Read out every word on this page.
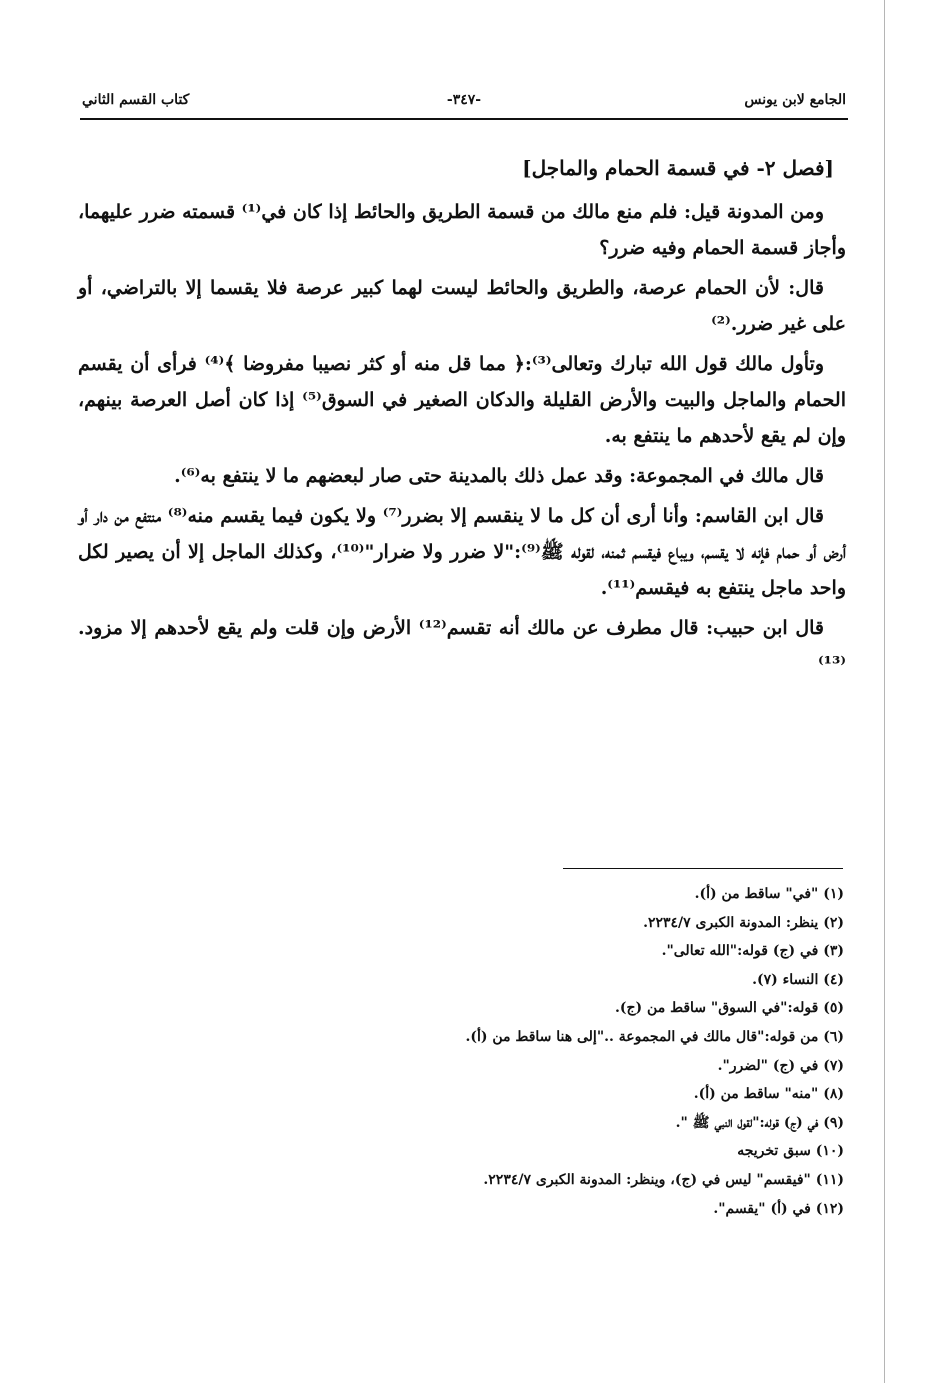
الجامع لابن يونس
-٣٤٧-
كتاب القسم الثاني

[فصل ٢- في قسمة الحمام والماجل]

ومن المدونة قيل: فلم منع مالك من قسمة الطريق والحائط إذا كان في⁽¹⁾ قسمته ضرر عليهما، وأجاز قسمة الحمام وفيه ضرر؟

قال: لأن الحمام عرصة، والطريق والحائط ليست لهما كبير عرصة فلا يقسما إلا بالتراضي، أو على غير ضرر.⁽²⁾

وتأول مالك قول الله تبارك وتعالى⁽³⁾:﴿ مما قل منه أو كثر نصيبا مفروضا ﴾⁽⁴⁾ فرأى أن يقسم الحمام والماجل والبيت والأرض القليلة والدكان الصغير في السوق⁽⁵⁾ إذا كان أصل العرصة بينهم، وإن لم يقع لأحدهم ما ينتفع به.

قال مالك في المجموعة: وقد عمل ذلك بالمدينة حتى صار لبعضهم ما لا ينتفع به⁽⁶⁾.

قال ابن القاسم: وأنا أرى أن كل ما لا ينقسم إلا بضرر⁽⁷⁾ ولا يكون فيما يقسم منه⁽⁸⁾ منتفع من دار أو أرض أو حمام فإنه لا يقسم، ويباع فيقسم ثمنه، لقوله ﷺ⁽⁹⁾:"لا ضرر ولا ضرار"⁽¹⁰⁾، وكذلك الماجل إلا أن يصير لكل واحد ماجل ينتفع به فيقسم⁽¹¹⁾.

قال ابن حبيب: قال مطرف عن مالك أنه تقسم⁽¹²⁾ الأرض وإن قلت ولم يقع لأحدهم إلا مزود.⁽¹³⁾

(١) "في" ساقط من (أ).

(٢) ينظر: المدونة الكبرى ٢٢٣٤/٧.

(٣) في (ج) قوله:"الله تعالى".

(٤) النساء (٧).

(٥) قوله:"في السوق" ساقط من (ج).

(٦) من قوله:"قال مالك في المجموعة .."إلى هنا ساقط من (أ).

(٧) في (ج) "لضرر".

(٨) "منه" ساقط من (أ).

(٩) في (ج) قوله:"لقول النبي ﷺ ".

(١٠) سبق تخريجه

(١١) "فيقسم" ليس في (ج)، وينظر: المدونة الكبرى ٢٢٣٤/٧.

(١٢) في (أ) "يقسم".
